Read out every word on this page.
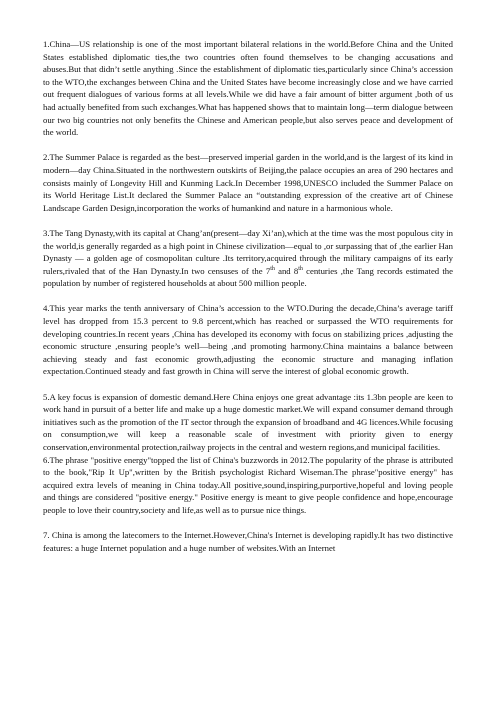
1.China—US relationship is one of the most important bilateral relations in the world.Before China and the United States established diplomatic ties,the two countries often found themselves to be changing accusations and abuses.But that didn’t settle anything .Since the establishment of diplomatic ties,particularly since China’s accession to the WTO,the exchanges between China and the United States have become increasingly close and we have carried out frequent dialogues of various forms at all levels.While we did have a fair amount of bitter argument ,both of us had actually benefited from such exchanges.What has happened shows that to maintain long—term dialogue between our two big countries not only benefits the Chinese and American people,but also serves peace and development of the world.

2.The Summer Palace is regarded as the best—preserved imperial garden in the world,and is the largest of its kind in modern—day China.Situated in the northwestern outskirts of Beijing,the palace occupies an area of 290 hectares and consists mainly of Longevity Hill and Kunming Lack.In December 1998,UNESCO included the Summer Palace on its World Heritage List.It declared the Summer Palace an “outstanding expression of the creative art of Chinese Landscape Garden Design,incorporation the works of humankind and nature in a harmonious whole.

3.The Tang Dynasty,with its capital at Chang’an(present—day Xi’an),which at the time was the most populous city in the world,is generally regarded as a high point in Chinese civilization—equal to ,or surpassing that of ,the earlier Han Dynasty — a golden age of cosmopolitan culture .Its territory,acquired through the military campaigns of its early rulers,rivaled that of the Han Dynasty.In two censuses of the 7th and 8th centuries ,the Tang records estimated the population by number of registered households at about 500 million people.

4.This year marks the tenth anniversary of China’s accession to the WTO.During the decade,China’s average tariff level has dropped from 15.3 percent to 9.8 percent,which has reached or surpassed the WTO requirements for developing countries.In recent years ,China has developed its economy with focus on stabilizing prices ,adjusting the economic structure ,ensuring people’s well—being ,and promoting harmony.China maintains a balance between achieving steady and fast economic growth,adjusting the economic structure and managing inflation expectation.Continued steady and fast growth in China will serve the interest of global economic growth.

5.A key focus is expansion of domestic demand.Here China enjoys one great advantage :its 1.3bn people are keen to work hand in pursuit of a better life and make up a huge domestic market.We will expand consumer demand through initiatives such as the promotion of the IT sector through the expansion of broadband and 4G licences.While focusing on consumption,we will keep a reasonable scale of investment with priority given to energy conservation,environmental protection,railway projects in the central and western regions,and municipal facilities.

6.The phrase "positive energy"topped the list of China's buzzwords in 2012.The popularity of the phrase is attributed to the book,"Rip It Up",written by the British psychologist Richard Wiseman.The phrase"positive energy" has acquired extra levels of meaning in China today.All positive,sound,inspiring,purportive,hopeful and loving people and things are considered "positive energy." Positive energy is meant to give people confidence and hope,encourage people to love their country,society and life,as well as to pursue nice things.

7. China is among the latecomers to the Internet.However,China's Internet is developing rapidly.It has two distinctive features: a huge Internet population and a huge number of websites.With an Internet
